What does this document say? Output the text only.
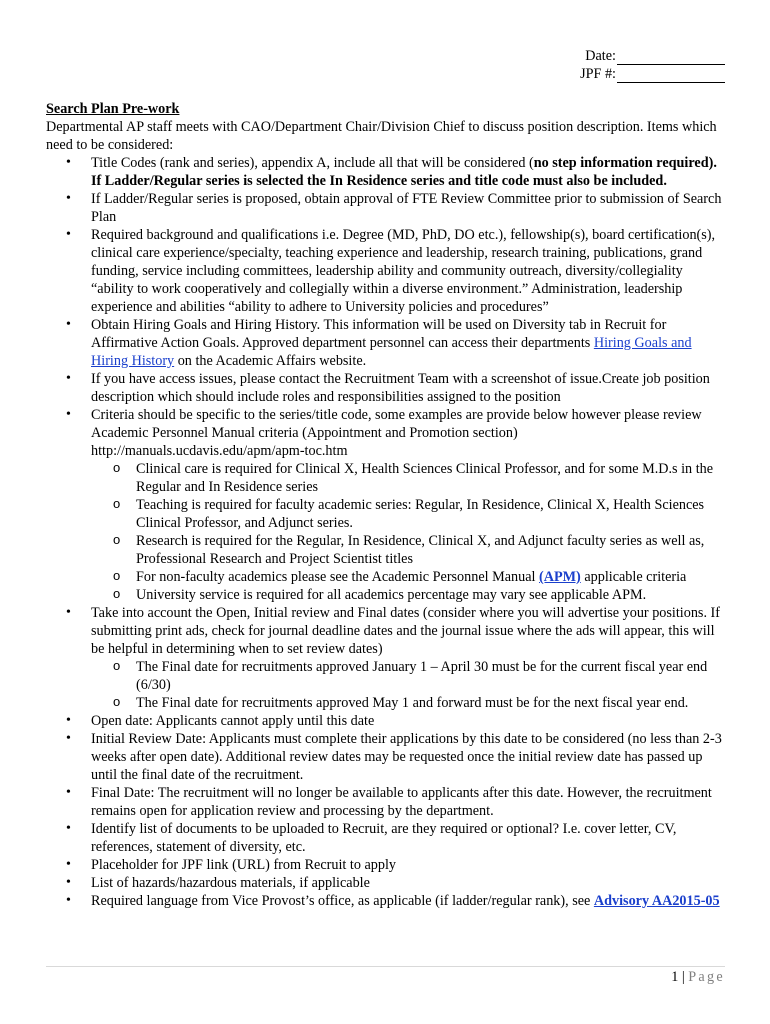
Date:
JPF #:
Search Plan Pre-work
Departmental AP staff meets with CAO/Department Chair/Division Chief to discuss position description. Items which need to be considered:
• Title Codes (rank and series), appendix A, include all that will be considered (no step information required). If Ladder/Regular series is selected the In Residence series and title code must also be included.
• If Ladder/Regular series is proposed, obtain approval of FTE Review Committee prior to submission of Search Plan
• Required background and qualifications i.e. Degree (MD, PhD, DO etc.), fellowship(s), board certification(s), clinical care experience/specialty, teaching experience and leadership, research training, publications, grand funding, service including committees, leadership ability and community outreach, diversity/collegiality “ability to work cooperatively and collegially within a diverse environment.” Administration, leadership experience and abilities “ability to adhere to University policies and procedures”
• Obtain Hiring Goals and Hiring History. This information will be used on Diversity tab in Recruit for Affirmative Action Goals. Approved department personnel can access their departments Hiring Goals and Hiring History on the Academic Affairs website.
• If you have access issues, please contact the Recruitment Team with a screenshot of issue.Create job position description which should include roles and responsibilities assigned to the position
• Criteria should be specific to the series/title code, some examples are provide below however please review Academic Personnel Manual criteria (Appointment and Promotion section) http://manuals.ucdavis.edu/apm/apm-toc.htm
o Clinical care is required for Clinical X, Health Sciences Clinical Professor, and for some M.D.s in the Regular and In Residence series
o Teaching is required for faculty academic series: Regular, In Residence, Clinical X, Health Sciences Clinical Professor, and Adjunct series.
o Research is required for the Regular, In Residence, Clinical X, and Adjunct faculty series as well as, Professional Research and Project Scientist titles
o For non-faculty academics please see the Academic Personnel Manual (APM) applicable criteria
o University service is required for all academics percentage may vary see applicable APM.
• Take into account the Open, Initial review and Final dates (consider where you will advertise your positions. If submitting print ads, check for journal deadline dates and the journal issue where the ads will appear, this will be helpful in determining when to set review dates)
o The Final date for recruitments approved January 1 – April 30 must be for the current fiscal year end (6/30)
o The Final date for recruitments approved May 1 and forward must be for the next fiscal year end.
• Open date: Applicants cannot apply until this date
• Initial Review Date: Applicants must complete their applications by this date to be considered (no less than 2-3 weeks after open date). Additional review dates may be requested once the initial review date has passed up until the final date of the recruitment.
• Final Date: The recruitment will no longer be available to applicants after this date. However, the recruitment remains open for application review and processing by the department.
• Identify list of documents to be uploaded to Recruit, are they required or optional? I.e. cover letter, CV, references, statement of diversity, etc.
• Placeholder for JPF link (URL) from Recruit to apply
• List of hazards/hazardous materials, if applicable
• Required language from Vice Provost’s office, as applicable (if ladder/regular rank), see Advisory AA2015-05
1 | Page
